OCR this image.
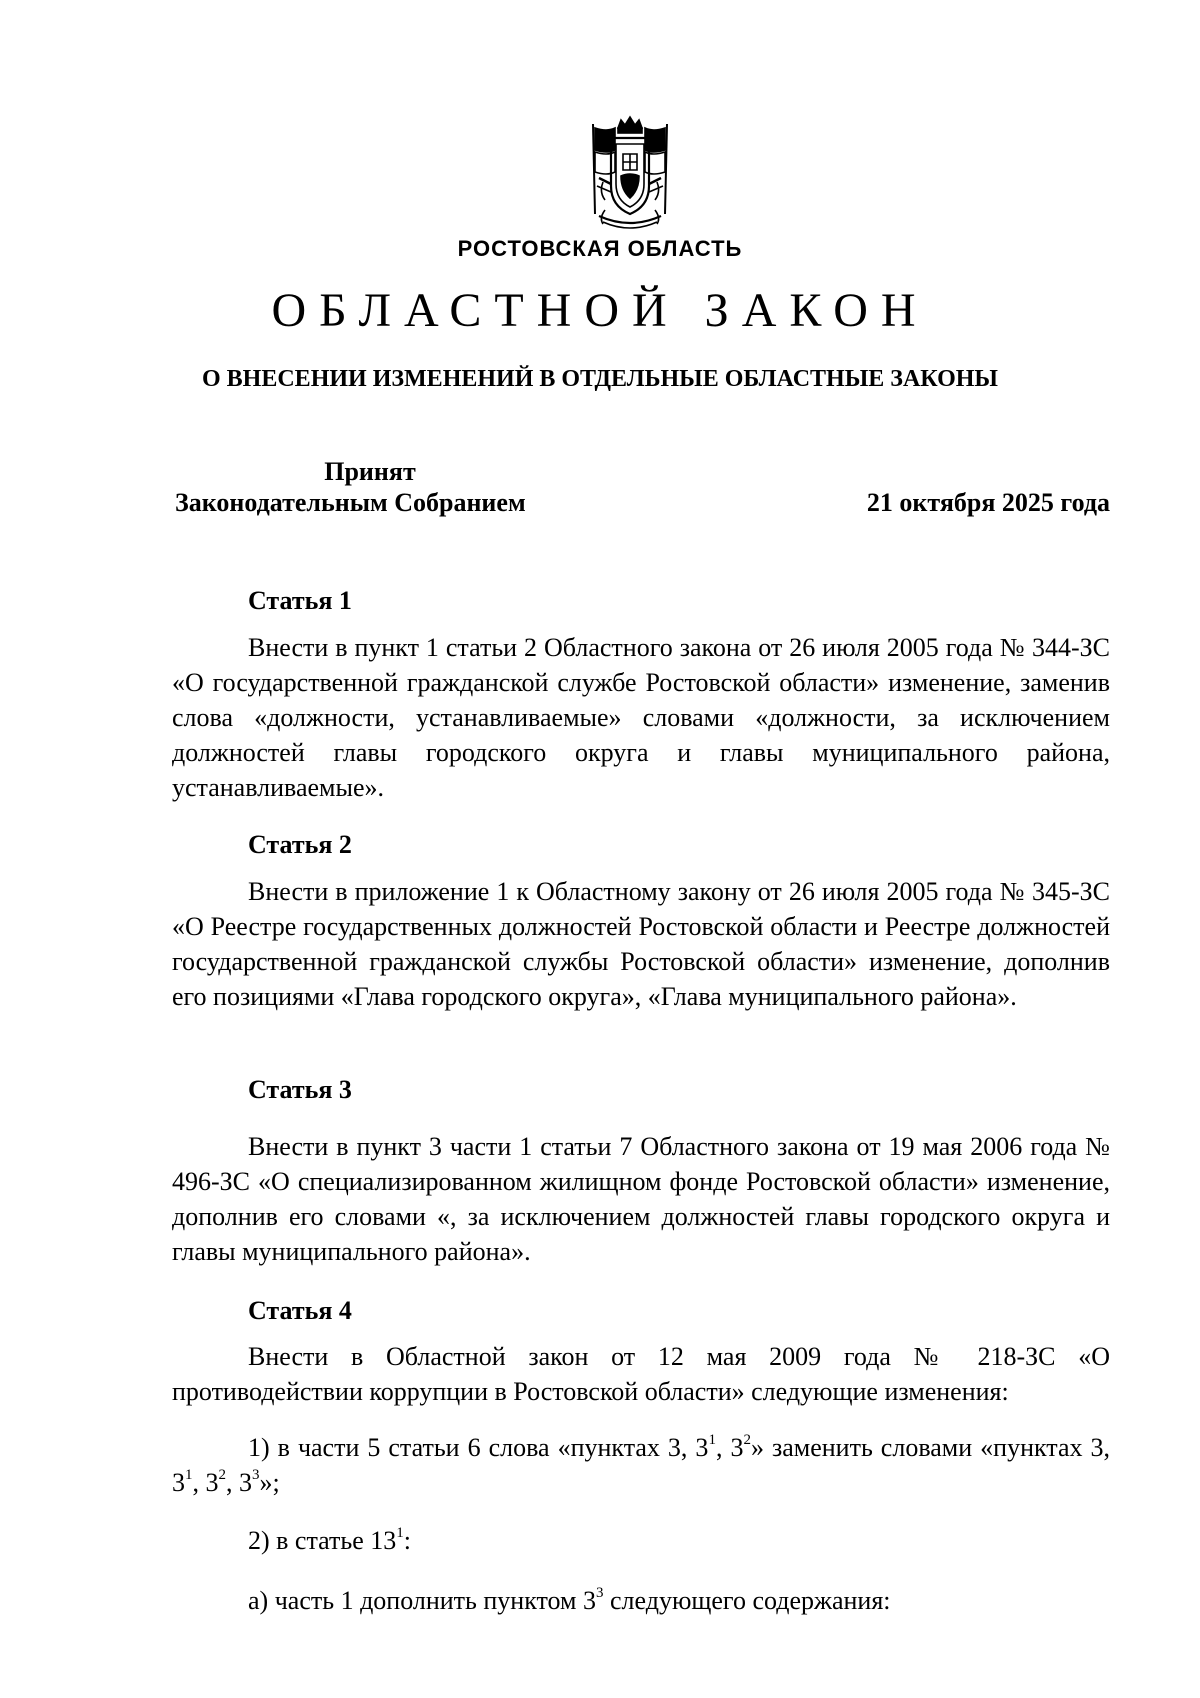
РОСТОВСКАЯ ОБЛАСТЬ

ОБЛАСТНОЙ ЗАКОН

О ВНЕСЕНИИ ИЗМЕНЕНИЙ В ОТДЕЛЬНЫЕ ОБЛАСТНЫЕ ЗАКОНЫ

Принят
Законодательным Собранием	21 октября 2025 года

Статья 1

Внести в пункт 1 статьи 2 Областного закона от 26 июля 2005 года № 344-ЗС «О государственной гражданской службе Ростовской области» изменение, заменив слова «должности, устанавливаемые» словами «должности, за исключением должностей главы городского округа и главы муниципального района, устанавливаемые».

Статья 2

Внести в приложение 1 к Областному закону от 26 июля 2005 года № 345-ЗС «О Реестре государственных должностей Ростовской области и Реестре должностей государственной гражданской службы Ростовской области» изменение, дополнив его позициями «Глава городского округа», «Глава муниципального района».

Статья 3

Внести в пункт 3 части 1 статьи 7 Областного закона от 19 мая 2006 года № 496-ЗС «О специализированном жилищном фонде Ростовской области» изменение, дополнив его словами «, за исключением должностей главы городского округа и главы муниципального района».

Статья 4

Внести в Областной закон от 12 мая 2009 года № 218-ЗС «О противодействии коррупции в Ростовской области» следующие изменения:

1) в части 5 статьи 6 слова «пунктах 3, $3^1$, $3^2$» заменить словами «пунктах 3, $3^1$, $3^2$, $3^3$»;

2) в статье $13^1$:

а) часть 1 дополнить пунктом $3^3$ следующего содержания:
